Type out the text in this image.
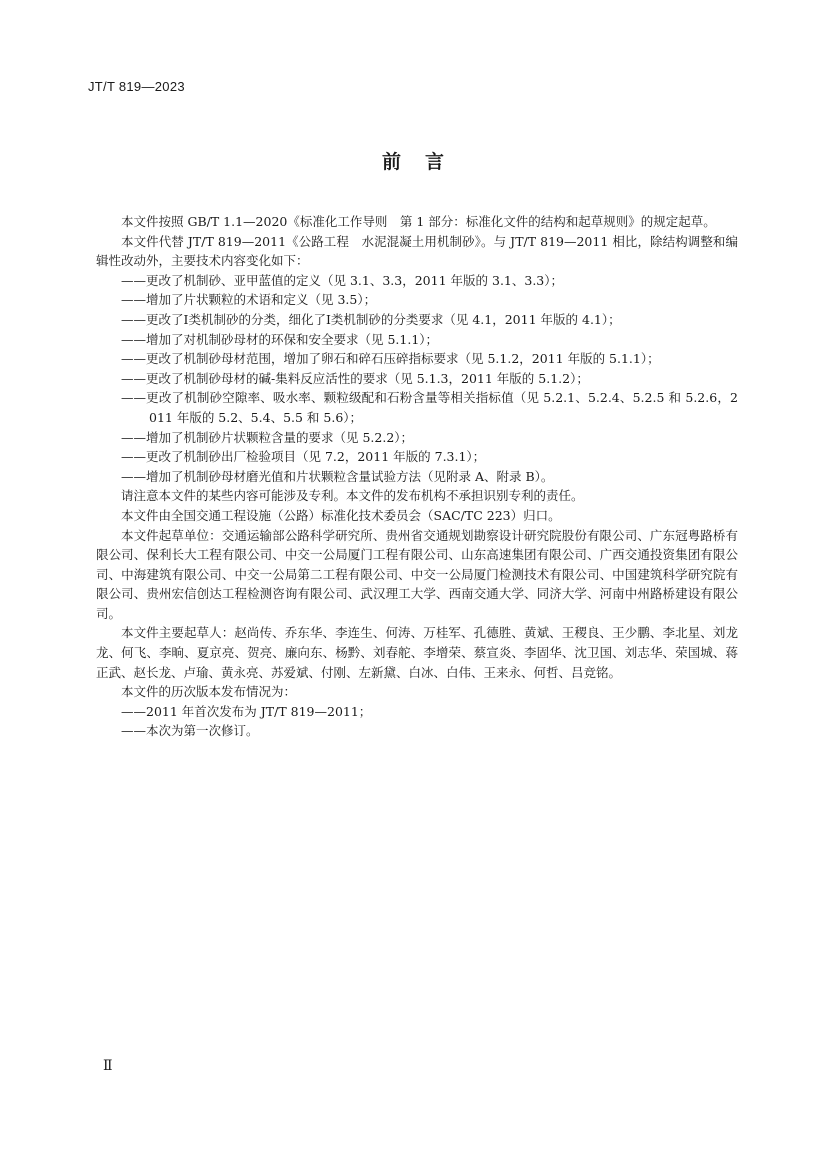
JT/T 819—2023
前言

本文件按照 GB/T 1.1—2020《标准化工作导则　第 1 部分：标准化文件的结构和起草规则》的规定起草。

本文件代替 JT/T 819—2011《公路工程　水泥混凝土用机制砂》。与 JT/T 819—2011 相比，除结构调整和编辑性改动外，主要技术内容变化如下：

——更改了机制砂、亚甲蓝值的定义（见 3.1、3.3，2011 年版的 3.1、3.3）；

——增加了片状颗粒的术语和定义（见 3.5）；

——更改了Ⅰ类机制砂的分类，细化了Ⅰ类机制砂的分类要求（见 4.1，2011 年版的 4.1）；

——增加了对机制砂母材的环保和安全要求（见 5.1.1）；

——更改了机制砂母材范围，增加了卵石和碎石压碎指标要求（见 5.1.2，2011 年版的 5.1.1）；

——更改了机制砂母材的碱-集料反应活性的要求（见 5.1.3，2011 年版的 5.1.2）；

——更改了机制砂空隙率、吸水率、颗粒级配和石粉含量等相关指标值（见 5.2.1、5.2.4、5.2.5 和 5.2.6，2011 年版的 5.2、5.4、5.5 和 5.6）；

——增加了机制砂片状颗粒含量的要求（见 5.2.2）；

——更改了机制砂出厂检验项目（见 7.2，2011 年版的 7.3.1）；

——增加了机制砂母材磨光值和片状颗粒含量试验方法（见附录 A、附录 B）。

请注意本文件的某些内容可能涉及专利。本文件的发布机构不承担识别专利的责任。

本文件由全国交通工程设施（公路）标准化技术委员会（SAC/TC 223）归口。

本文件起草单位：交通运输部公路科学研究所、贵州省交通规划勘察设计研究院股份有限公司、广东冠粤路桥有限公司、保利长大工程有限公司、中交一公局厦门工程有限公司、山东高速集团有限公司、广西交通投资集团有限公司、中海建筑有限公司、中交一公局第二工程有限公司、中交一公局厦门检测技术有限公司、中国建筑科学研究院有限公司、贵州宏信创达工程检测咨询有限公司、武汉理工大学、西南交通大学、同济大学、河南中州路桥建设有限公司。

本文件主要起草人：赵尚传、乔东华、李连生、何涛、万桂军、孔德胜、黄斌、王稷良、王少鹏、李北星、刘龙龙、何飞、李晌、夏京亮、贺亮、廉向东、杨黔、刘春舵、李增荣、蔡宣炎、李固华、沈卫国、刘志华、荣国城、蒋正武、赵长龙、卢瑜、黄永亮、苏爱斌、付刚、左新黛、白冰、白伟、王来永、何哲、吕竞铭。

本文件的历次版本发布情况为：

——2011 年首次发布为 JT/T 819—2011；

——本次为第一次修订。

Ⅱ
